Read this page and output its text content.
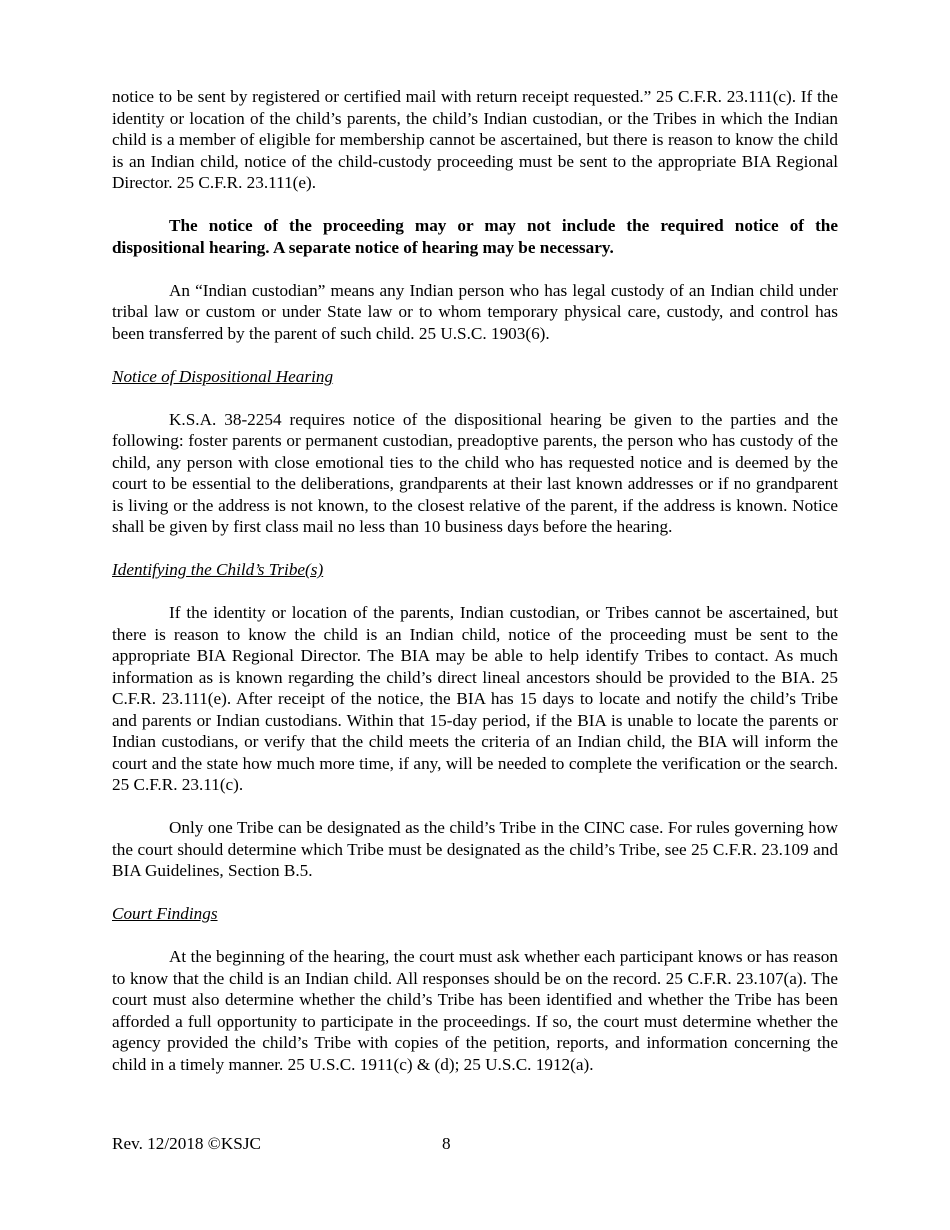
notice to be sent by registered or certified mail with return receipt requested.” 25 C.F.R. 23.111(c). If the identity or location of the child’s parents, the child’s Indian custodian, or the Tribes in which the Indian child is a member of eligible for membership cannot be ascertained, but there is reason to know the child is an Indian child, notice of the child-custody proceeding must be sent to the appropriate BIA Regional Director. 25 C.F.R. 23.111(e).

The notice of the proceeding may or may not include the required notice of the dispositional hearing. A separate notice of hearing may be necessary.

An “Indian custodian” means any Indian person who has legal custody of an Indian child under tribal law or custom or under State law or to whom temporary physical care, custody, and control has been transferred by the parent of such child. 25 U.S.C. 1903(6).

Notice of Dispositional Hearing

K.S.A. 38-2254 requires notice of the dispositional hearing be given to the parties and the following: foster parents or permanent custodian, preadoptive parents, the person who has custody of the child, any person with close emotional ties to the child who has requested notice and is deemed by the court to be essential to the deliberations, grandparents at their last known addresses or if no grandparent is living or the address is not known, to the closest relative of the parent, if the address is known. Notice shall be given by first class mail no less than 10 business days before the hearing.

Identifying the Child’s Tribe(s)

If the identity or location of the parents, Indian custodian, or Tribes cannot be ascertained, but there is reason to know the child is an Indian child, notice of the proceeding must be sent to the appropriate BIA Regional Director. The BIA may be able to help identify Tribes to contact. As much information as is known regarding the child’s direct lineal ancestors should be provided to the BIA. 25 C.F.R. 23.111(e). After receipt of the notice, the BIA has 15 days to locate and notify the child’s Tribe and parents or Indian custodians. Within that 15-day period, if the BIA is unable to locate the parents or Indian custodians, or verify that the child meets the criteria of an Indian child, the BIA will inform the court and the state how much more time, if any, will be needed to complete the verification or the search. 25 C.F.R. 23.11(c).

Only one Tribe can be designated as the child’s Tribe in the CINC case. For rules governing how the court should determine which Tribe must be designated as the child’s Tribe, see 25 C.F.R. 23.109 and BIA Guidelines, Section B.5.

Court Findings

At the beginning of the hearing, the court must ask whether each participant knows or has reason to know that the child is an Indian child. All responses should be on the record. 25 C.F.R. 23.107(a). The court must also determine whether the child’s Tribe has been identified and whether the Tribe has been afforded a full opportunity to participate in the proceedings. If so, the court must determine whether the agency provided the child’s Tribe with copies of the petition, reports, and information concerning the child in a timely manner. 25 U.S.C. 1911(c) & (d); 25 U.S.C. 1912(a).

Rev. 12/2018 ©KSJC	8
